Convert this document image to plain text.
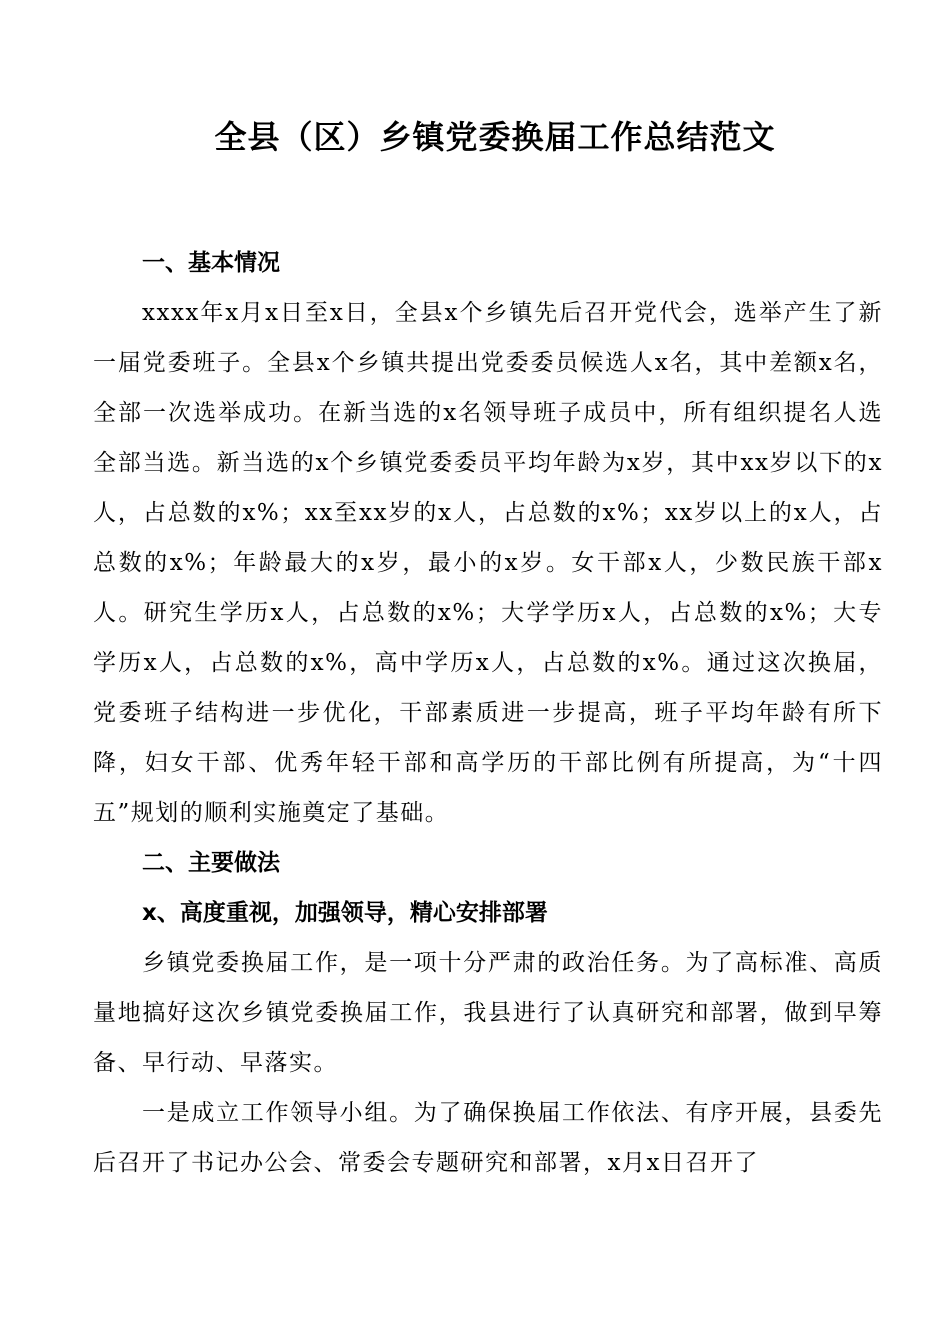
全县（区）乡镇党委换届工作总结范文
一、基本情况

xxxx年x月x日至x日，全县x个乡镇先后召开党代会，选举产生了新一届党委班子。全县x个乡镇共提出党委委员候选人x名，其中差额x名，全部一次选举成功。在新当选的x名领导班子成员中，所有组织提名人选全部当选。新当选的x个乡镇党委委员平均年龄为x岁，其中xx岁以下的x人，占总数的x%；xx至xx岁的x人，占总数的x%；xx岁以上的x人，占总数的x%；年龄最大的x岁，最小的x岁。女干部x人，少数民族干部x人。研究生学历x人，占总数的x%；大学学历x人，占总数的x%；大专学历x人，占总数的x%，高中学历x人，占总数的x%。通过这次换届，党委班子结构进一步优化，干部素质进一步提高，班子平均年龄有所下降，妇女干部、优秀年轻干部和高学历的干部比例有所提高，为“十四五”规划的顺利实施奠定了基础。

二、主要做法
x、高度重视，加强领导，精心安排部署

乡镇党委换届工作，是一项十分严肃的政治任务。为了高标准、高质量地搞好这次乡镇党委换届工作，我县进行了认真研究和部署，做到早筹备、早行动、早落实。

一是成立工作领导小组。为了确保换届工作依法、有序开展，县委先后召开了书记办公会、常委会专题研究和部署，x月x日召开了
